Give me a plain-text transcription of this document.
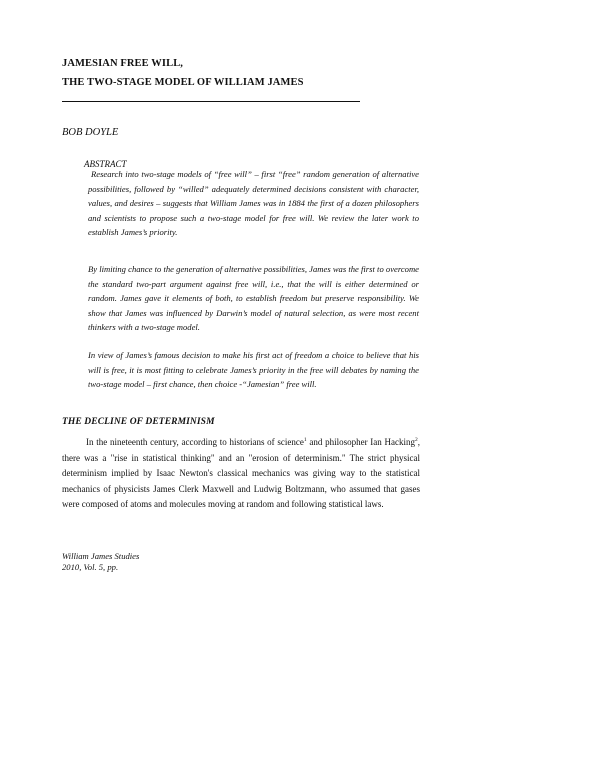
JAMESIAN FREE WILL,
THE TWO-STAGE MODEL OF WILLIAM JAMES
BOB DOYLE
ABSTRACT

Research into two-stage models of “free will” – first “free” random generation of alternative possibilities, followed by “willed” adequately determined decisions consistent with character, values, and desires – suggests that William James was in 1884 the first of a dozen philosophers and scientists to propose such a two-stage model for free will. We review the later work to establish James’s priority.

By limiting chance to the generation of alternative possibilities, James was the first to overcome the standard two-part argument against free will, i.e., that the will is either determined or random. James gave it elements of both, to establish freedom but preserve responsibility. We show that James was influenced by Darwin’s model of natural selection, as were most recent thinkers with a two-stage model.

In view of James’s famous decision to make his first act of freedom a choice to believe that his will is free, it is most fitting to celebrate James’s priority in the free will debates by naming the two-stage model – first chance, then choice -“Jamesian” free will.

THE DECLINE OF DETERMINISM

In the nineteenth century, according to historians of science$^1$ and philosopher Ian Hacking$^2$, there was a "rise in statistical thinking" and an "erosion of determinism." The strict physical determinism implied by Isaac Newton's classical mechanics was giving way to the statistical mechanics of physicists James Clerk Maxwell and Ludwig Boltzmann, who assumed that gases were composed of atoms and molecules moving at random and following statistical laws.

William James Studies
2010, Vol. 5, pp.
